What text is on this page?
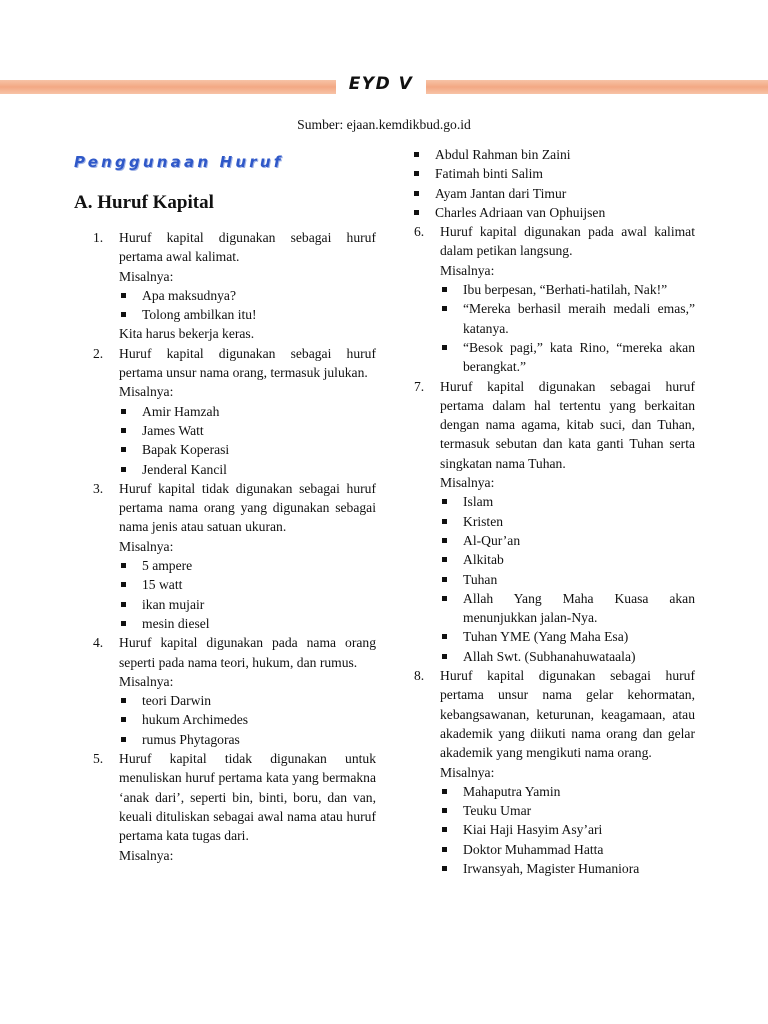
EYD V
Sumber: ejaan.kemdikbud.go.id
Penggunaan Huruf
A. Huruf Kapital
1. Huruf kapital digunakan sebagai huruf pertama awal kalimat.
Misalnya:
Apa maksudnya?
Tolong ambilkan itu!
Kita harus bekerja keras.
2. Huruf kapital digunakan sebagai huruf pertama unsur nama orang, termasuk julukan.
Misalnya:
Amir Hamzah
James Watt
Bapak Koperasi
Jenderal Kancil
3. Huruf kapital tidak digunakan sebagai huruf pertama nama orang yang digunakan sebagai nama jenis atau satuan ukuran.
Misalnya:
5 ampere
15 watt
ikan mujair
mesin diesel
4. Huruf kapital digunakan pada nama orang seperti pada nama teori, hukum, dan rumus.
Misalnya:
teori Darwin
hukum Archimedes
rumus Phytagoras
5. Huruf kapital tidak digunakan untuk menuliskan huruf pertama kata yang bermakna ‘anak dari’, seperti bin, binti, boru, dan van, keuali dituliskan sebagai awal nama atau huruf pertama kata tugas dari.
Misalnya:
Abdul Rahman bin Zaini
Fatimah binti Salim
Ayam Jantan dari Timur
Charles Adriaan van Ophuijsen
6. Huruf kapital digunakan pada awal kalimat dalam petikan langsung.
Misalnya:
Ibu berpesan, “Berhati-hatilah, Nak!”
“Mereka berhasil meraih medali emas,” katanya.
“Besok pagi,” kata Rino, “mereka akan berangkat.”
7. Huruf kapital digunakan sebagai huruf pertama dalam hal tertentu yang berkaitan dengan nama agama, kitab suci, dan Tuhan, termasuk sebutan dan kata ganti Tuhan serta singkatan nama Tuhan.
Misalnya:
Islam
Kristen
Al-Qur’an
Alkitab
Tuhan
Allah Yang Maha Kuasa akan menunjukkan jalan-Nya.
Tuhan YME (Yang Maha Esa)
Allah Swt. (Subhanahuwataala)
8. Huruf kapital digunakan sebagai huruf pertama unsur nama gelar kehormatan, kebangsawanan, keturunan, keagamaan, atau akademik yang diikuti nama orang dan gelar akademik yang mengikuti nama orang.
Misalnya:
Mahaputra Yamin
Teuku Umar
Kiai Haji Hasyim Asy’ari
Doktor Muhammad Hatta
Irwansyah, Magister Humaniora
